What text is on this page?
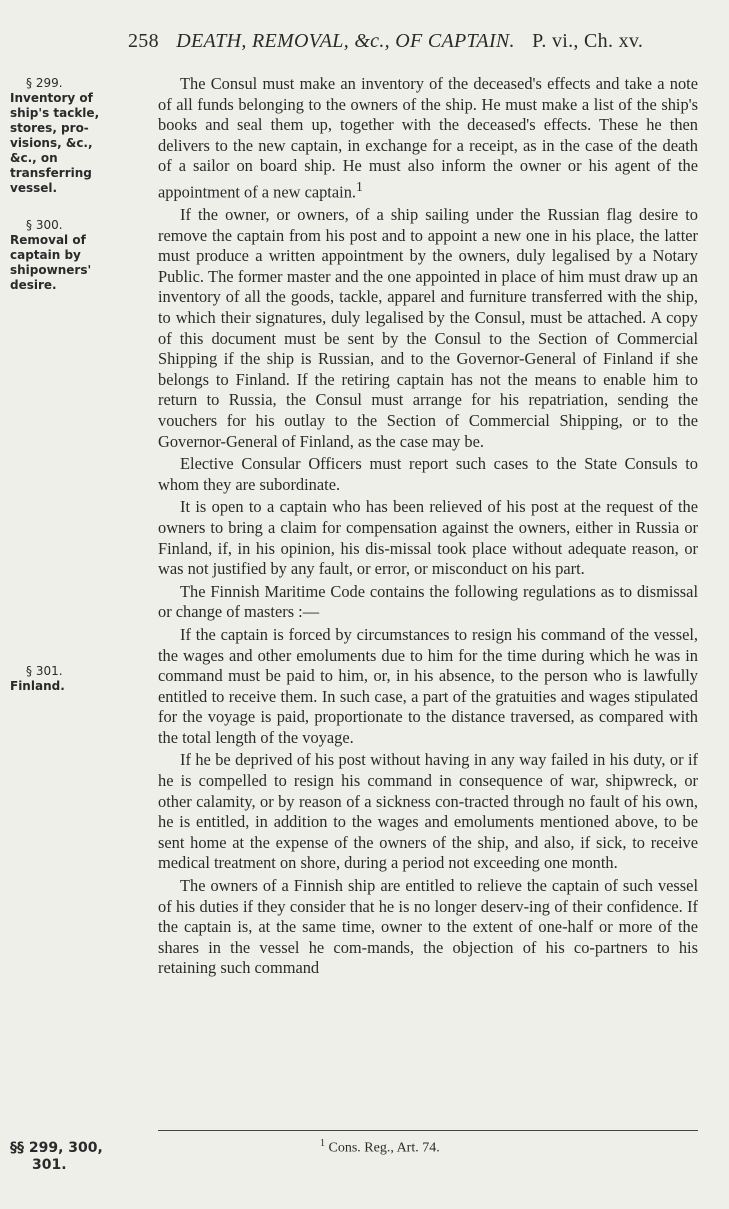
258 DEATH, REMOVAL, &c., OF CAPTAIN. P. vi., Ch. xv.
§ 299.
Inventory of ship's tackle, stores, pro-visions, &c., &c., on transferring vessel.
§ 300.
Removal of captain by shipowners' desire.
§ 301.
Finland.

The Consul must make an inventory of the deceased's effects and take a note of all funds belonging to the owners of the ship. He must make a list of the ship's books and seal them up, together with the deceased's effects. These he then delivers to the new captain, in exchange for a receipt, as in the case of the death of a sailor on board ship. He must also inform the owner or his agent of the appointment of a new captain.$^1$

If the owner, or owners, of a ship sailing under the Russian flag desire to remove the captain from his post and to appoint a new one in his place, the latter must produce a written appointment by the owners, duly legalised by a Notary Public. The former master and the one appointed in place of him must draw up an inventory of all the goods, tackle, apparel and furniture transferred with the ship, to which their signatures, duly legalised by the Consul, must be attached. A copy of this document must be sent by the Consul to the Section of Commercial Shipping if the ship is Russian, and to the Governor-General of Finland if she belongs to Finland. If the retiring captain has not the means to enable him to return to Russia, the Consul must arrange for his repatriation, sending the vouchers for his outlay to the Section of Commercial Shipping, or to the Governor-General of Finland, as the case may be.

Elective Consular Officers must report such cases to the State Consuls to whom they are subordinate.

It is open to a captain who has been relieved of his post at the request of the owners to bring a claim for compensation against the owners, either in Russia or Finland, if, in his opinion, his dis-missal took place without adequate reason, or was not justified by any fault, or error, or misconduct on his part.

The Finnish Maritime Code contains the following regulations as to dismissal or change of masters :—

If the captain is forced by circumstances to resign his command of the vessel, the wages and other emoluments due to him for the time during which he was in command must be paid to him, or, in his absence, to the person who is lawfully entitled to receive them. In such case, a part of the gratuities and wages stipulated for the voyage is paid, proportionate to the distance traversed, as compared with the total length of the voyage.

If he be deprived of his post without having in any way failed in his duty, or if he is compelled to resign his command in consequence of war, shipwreck, or other calamity, or by reason of a sickness con-tracted through no fault of his own, he is entitled, in addition to the wages and emoluments mentioned above, to be sent home at the expense of the owners of the ship, and also, if sick, to receive medical treatment on shore, during a period not exceeding one month.

The owners of a Finnish ship are entitled to relieve the captain of such vessel of his duties if they consider that he is no longer deserv-ing of their confidence. If the captain is, at the same time, owner to the extent of one-half or more of the shares in the vessel he com-mands, the objection of his co-partners to his retaining such command

$^1$ Cons. Reg., Art. 74.
§§ 299, 300,
301.
